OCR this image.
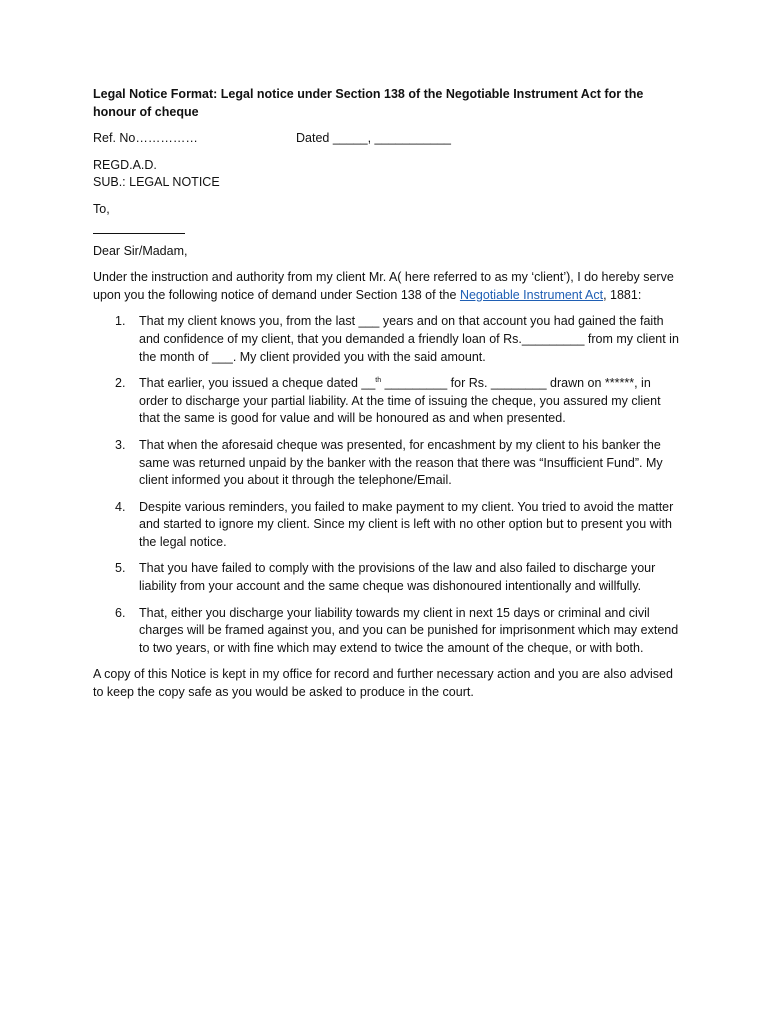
Legal Notice Format: Legal notice under Section 138 of the Negotiable Instrument Act for the honour of cheque

Ref. No……………	Dated _____, ___________
REGD.A.D.
SUB.: LEGAL NOTICE
To,

Dear Sir/Madam,

Under the instruction and authority from my client Mr. A( here referred to as my ‘client’), I do hereby serve upon you the following notice of demand under Section 138 of the Negotiable Instrument Act, 1881:

1.	That my client knows you, from the last ___ years and on that account you had gained the faith and confidence of my client, that you demanded a friendly loan of Rs._________ from my client in the month of ___. My client provided you with the said amount.
2.	That earlier, you issued a cheque dated __$^{th}$ _________ for Rs. ________ drawn on ******, in order to discharge your partial liability. At the time of issuing the cheque, you assured my client that the same is good for value and will be honoured as and when presented.
3.	That when the aforesaid cheque was presented, for encashment by my client to his banker the same was returned unpaid by the banker with the reason that there was “Insufficient Fund”. My client informed you about it through the telephone/Email.
4.	Despite various reminders, you failed to make payment to my client. You tried to avoid the matter and started to ignore my client. Since my client is left with no other option but to present you with the legal notice.
5.	That you have failed to comply with the provisions of the law and also failed to discharge your liability from your account and the same cheque was dishonoured intentionally and willfully.
6.	That, either you discharge your liability towards my client in next 15 days or criminal and civil charges will be framed against you, and you can be punished for imprisonment which may extend to two years, or with fine which may extend to twice the amount of the cheque, or with both.

A copy of this Notice is kept in my office for record and further necessary action and you are also advised to keep the copy safe as you would be asked to produce in the court.
